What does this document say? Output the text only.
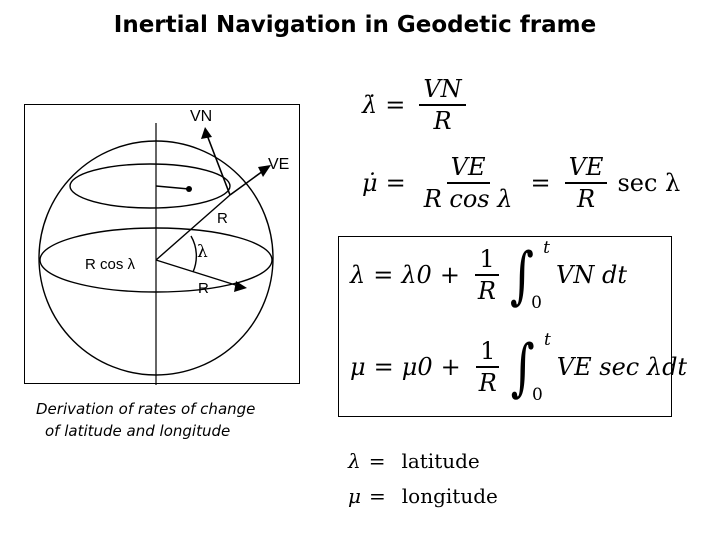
Inertial Navigation in Geodetic frame
VN
VE
R
R cos λ
λ
R
Derivation of rates of change

of latitude and longitude
λ̇ = $\frac{VN}{R}$
μ̇ = $\frac{VE}{\text{R cos λ}} = \frac{VE}{R}$ sec λ
$\lambda = \lambda 0 + \frac{1}{R}$ ∫ t
0
VN dt
$\mu = \mu 0 + \frac{1}{R}$ ∫ t
0
VE sec λdt
λ = latitude
μ = longitude
